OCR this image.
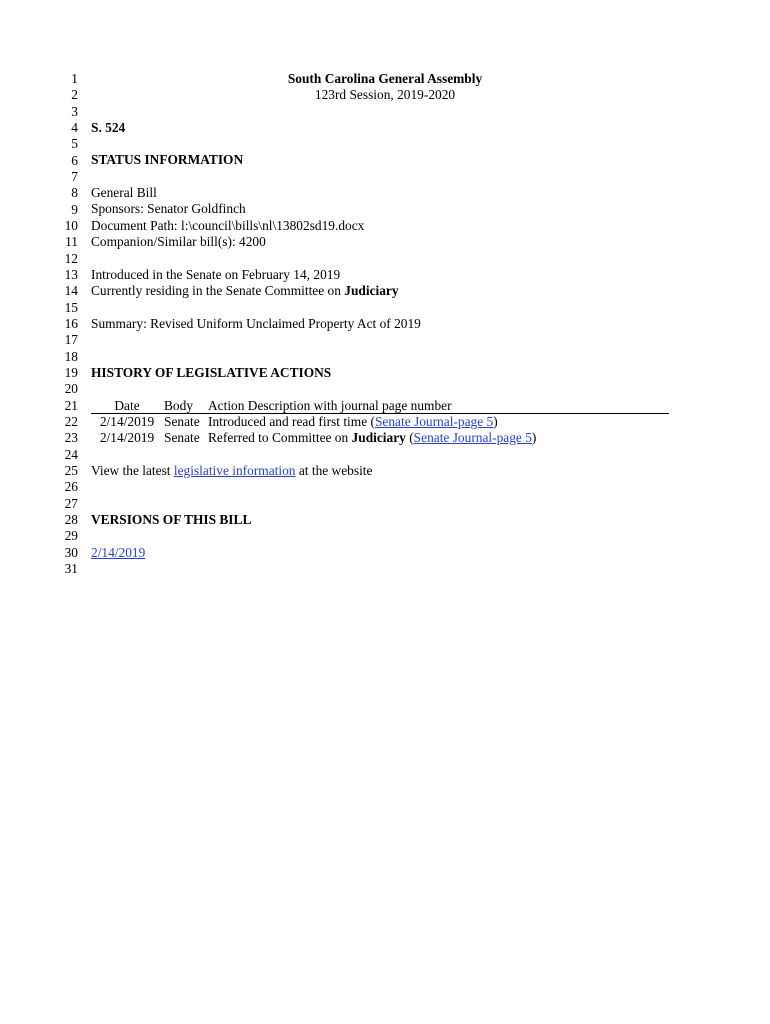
1
2
3
4
5
6
7
8
9
10
11
12
13
14
15
16
17
18
19
20
21
22
23
24
25
26
27
28
29
30
31
South Carolina General Assembly
123rd Session, 2019-2020
S. 524
STATUS INFORMATION
General Bill
Sponsors: Senator Goldfinch
Document Path: l:\council\bills\nl\13802sd19.docx
Companion/Similar bill(s): 4200
Introduced in the Senate on February 14, 2019
Currently residing in the Senate Committee on Judiciary
Summary: Revised Uniform Unclaimed Property Act of 2019
HISTORY OF LEGISLATIVE ACTIONS
Date	Body	Action Description with journal page number
2/14/2019 Senate Introduced and read first time (Senate Journal-page 5)
2/14/2019 Senate Referred to Committee on Judiciary (Senate Journal-page 5)
View the latest legislative information at the website
VERSIONS OF THIS BILL
2/14/2019
